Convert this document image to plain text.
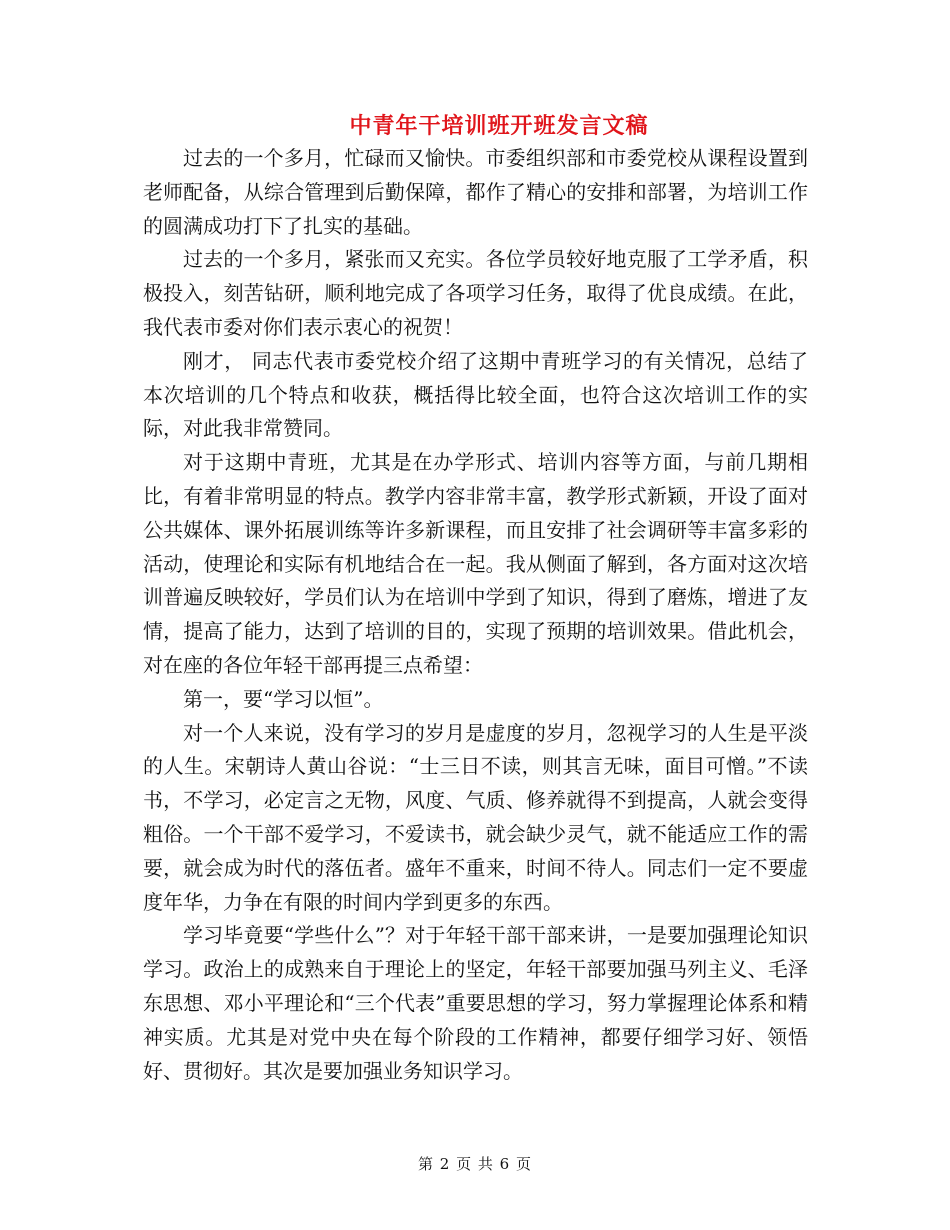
中青年干培训班开班发言文稿

过去的一个多月，忙碌而又愉快。市委组织部和市委党校从课程设置到老师配备，从综合管理到后勤保障，都作了精心的安排和部署，为培训工作的圆满成功打下了扎实的基础。

过去的一个多月，紧张而又充实。各位学员较好地克服了工学矛盾，积极投入，刻苦钻研，顺利地完成了各项学习任务，取得了优良成绩。在此，我代表市委对你们表示衷心的祝贺！

刚才， 同志代表市委党校介绍了这期中青班学习的有关情况，总结了本次培训的几个特点和收获，概括得比较全面，也符合这次培训工作的实际，对此我非常赞同。

对于这期中青班，尤其是在办学形式、培训内容等方面，与前几期相比，有着非常明显的特点。教学内容非常丰富，教学形式新颖，开设了面对公共媒体、课外拓展训练等许多新课程，而且安排了社会调研等丰富多彩的活动，使理论和实际有机地结合在一起。我从侧面了解到，各方面对这次培训普遍反映较好，学员们认为在培训中学到了知识，得到了磨炼，增进了友情，提高了能力，达到了培训的目的，实现了预期的培训效果。借此机会，对在座的各位年轻干部再提三点希望：

第一，要“学习以恒”。

对一个人来说，没有学习的岁月是虚度的岁月，忽视学习的人生是平淡的人生。宋朝诗人黄山谷说：“士三日不读，则其言无味，面目可憎。”不读书，不学习，必定言之无物，风度、气质、修养就得不到提高，人就会变得粗俗。一个干部不爱学习，不爱读书，就会缺少灵气，就不能适应工作的需要，就会成为时代的落伍者。盛年不重来，时间不待人。同志们一定不要虚度年华，力争在有限的时间内学到更多的东西。

学习毕竟要“学些什么”？对于年轻干部干部来讲，一是要加强理论知识学习。政治上的成熟来自于理论上的坚定，年轻干部要加强马列主义、毛泽东思想、邓小平理论和“三个代表”重要思想的学习，努力掌握理论体系和精神实质。尤其是对党中央在每个阶段的工作精神，都要仔细学习好、领悟好、贯彻好。其次是要加强业务知识学习。

第 2 页 共 6 页
